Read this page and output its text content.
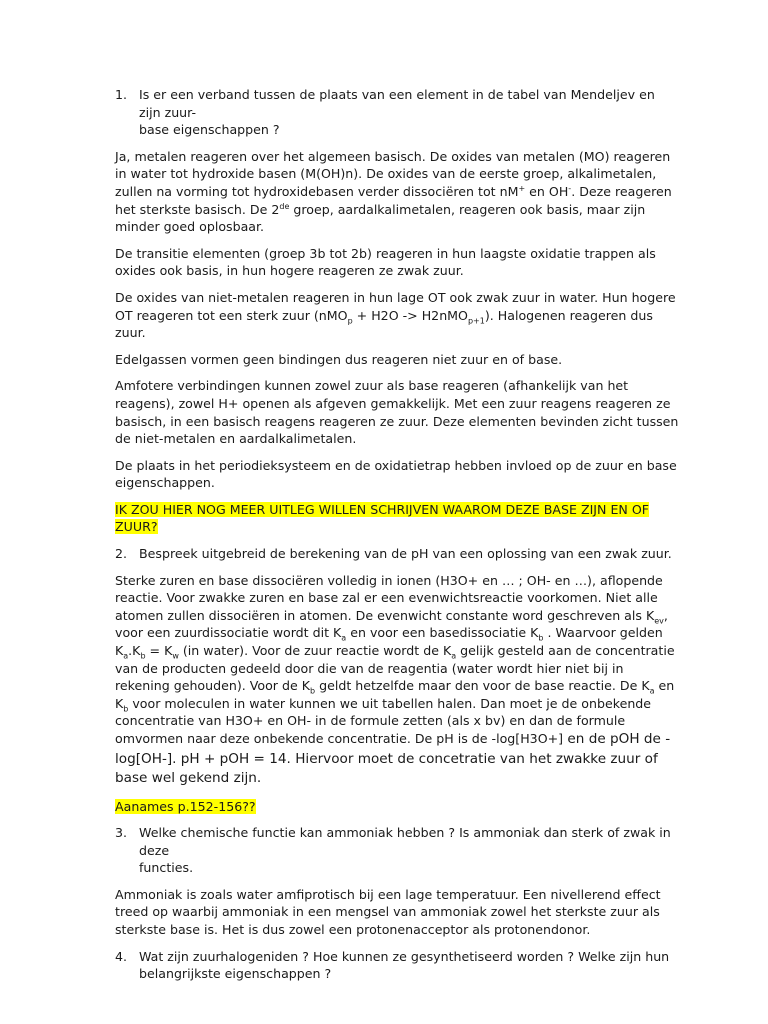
1. Is er een verband tussen de plaats van een element in de tabel van Mendeljev en zijn zuur-
base eigenschappen ?

Ja, metalen reageren over het algemeen basisch. De oxides van metalen (MO) reageren in water tot hydroxide basen (M(OH)n). De oxides van de eerste groep, alkalimetalen, zullen na vorming tot hydroxidebasen verder dissociëren tot nM+ en OH-. Deze reageren het sterkste basisch. De 2de groep, aardalkalimetalen, reageren ook basis, maar zijn minder goed oplosbaar.

De transitie elementen (groep 3b tot 2b) reageren in hun laagste oxidatie trappen als oxides ook basis, in hun hogere reageren ze zwak zuur.

De oxides van niet-metalen reageren in hun lage OT ook zwak zuur in water. Hun hogere OT reageren tot een sterk zuur (nMO$_p$ + H2O -> H2nMO$_{p+1}$). Halogenen reageren dus zuur.

Edelgassen vormen geen bindingen dus reageren niet zuur en of base.

Amfotere verbindingen kunnen zowel zuur als base reageren (afhankelijk van het reagens), zowel H+ openen als afgeven gemakkelijk. Met een zuur reagens reageren ze basisch, in een basisch reagens reageren ze zuur. Deze elementen bevinden zicht tussen de niet-metalen en aardalkalimetalen.

De plaats in het periodieksysteem en de oxidatietrap hebben invloed op de zuur en base eigenschappen.

IK ZOU HIER NOG MEER UITLEG WILLEN SCHRIJVEN WAAROM DEZE BASE ZIJN EN OF ZUUR?

2. Bespreek uitgebreid de berekening van de pH van een oplossing van een zwak zuur.

Sterke zuren en base dissociëren volledig in ionen (H3O+ en … ; OH- en …), aflopende reactie. Voor zwakke zuren en base zal er een evenwichtsreactie voorkomen. Niet alle atomen zullen dissociëren in atomen. De evenwicht constante word geschreven als $K_{ev}$, voor een zuurdissociatie wordt dit $K_a$ en voor een basedissociatie $K_b$ . Waarvoor gelden $K_a.K_b = K_w$ (in water). Voor de zuur reactie wordt de $K_a$ gelijk gesteld aan de concentratie van de producten gedeeld door die van de reagentia (water wordt hier niet bij in rekening gehouden). Voor de $K_b$ geldt hetzelfde maar den voor de base reactie. De $K_a$ en $K_b$ voor moleculen in water kunnen we uit tabellen halen. Dan moet je de onbekende concentratie van H3O+ en OH- in de formule zetten (als x bv) en dan de formule omvormen naar deze onbekende concentratie. De pH is de -log[H3O+] en de pOH de -log[OH-]. pH + pOH = 14. Hiervoor moet de concetratie van het zwakke zuur of base wel gekend zijn.

Aanames p.152-156??

3. Welke chemische functie kan ammoniak hebben ? Is ammoniak dan sterk of zwak in deze
functies.

Ammoniak is zoals water amfiprotisch bij een lage temperatuur. Een nivellerend effect treed op waarbij ammoniak in een mengsel van ammoniak zowel het sterkste zuur als sterkste base is. Het is dus zowel een protonenacceptor als protonendonor.

4. Wat zijn zuurhalogeniden ? Hoe kunnen ze gesynthetiseerd worden ? Welke zijn hun
belangrijkste eigenschappen ?
